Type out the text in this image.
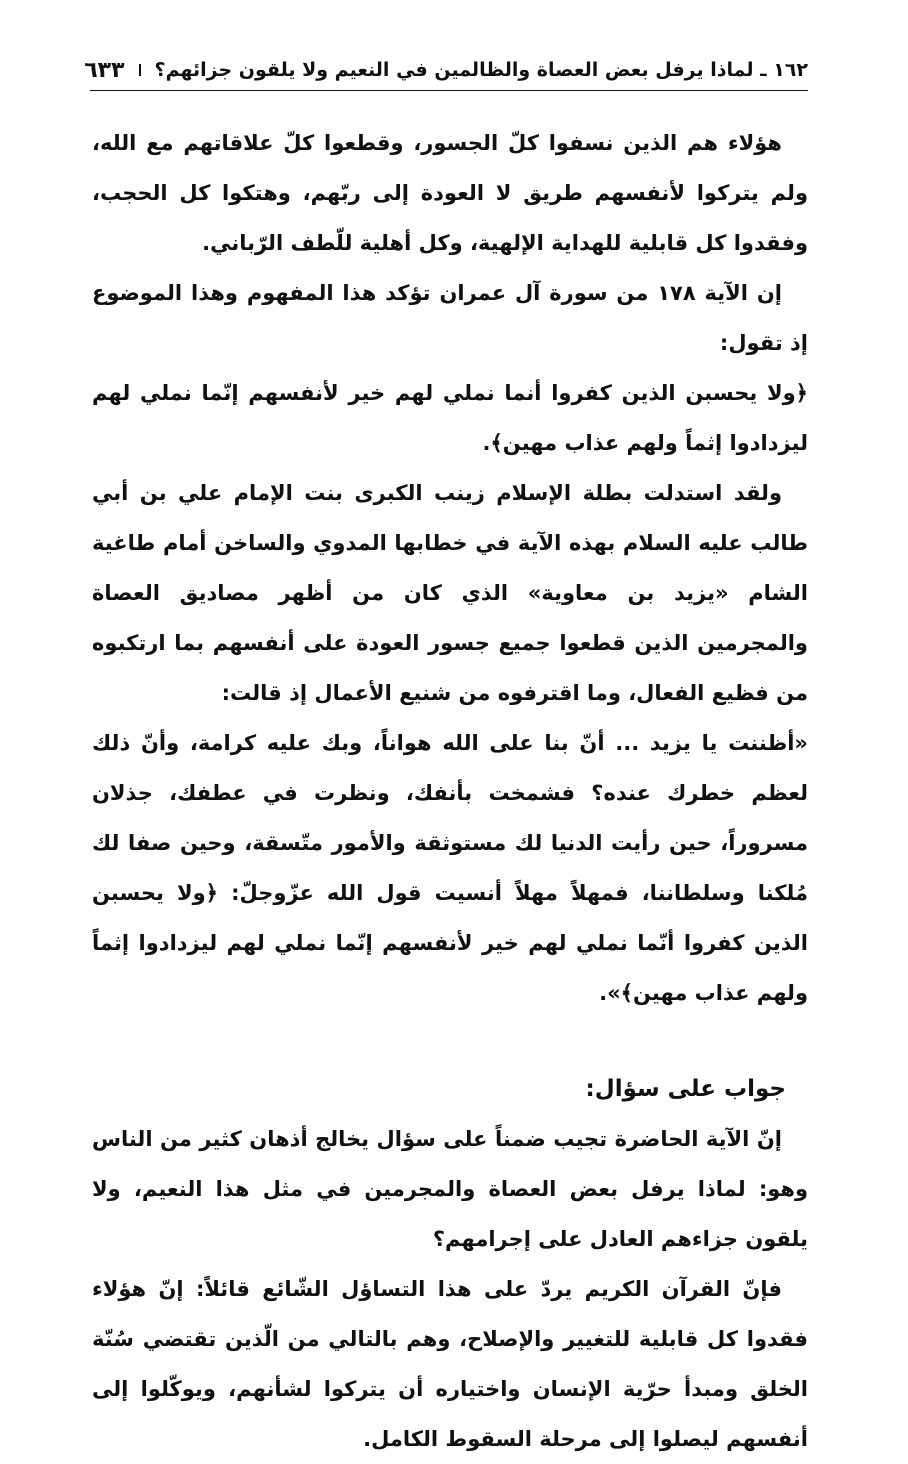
١٦٢ ـ لماذا يرفل بعض العصاة والظالمين في النعيم ولا يلقون جزائهم؟
٦٣٣

هؤلاء هم الذين نسفوا كلّ الجسور، وقطعوا كلّ علاقاتهم مع الله، ولم يتركوا لأنفسهم طريق لا العودة إلى ربّهم، وهتكوا كل الحجب، وفقدوا كل قابلية للهداية الإلهية، وكل أهلية للّطف الرّباني.

إن الآية ١٧٨ من سورة آل عمران تؤكد هذا المفهوم وهذا الموضوع إذ تقول:

﴿ولا يحسبن الذين كفروا أنما نملي لهم خير لأنفسهم إنّما نملي لهم ليزدادوا إثماً ولهم عذاب مهين﴾.

ولقد استدلت بطلة الإسلام زينب الكبرى بنت الإمام علي بن أبي طالب عليه السلام بهذه الآية في خطابها المدوي والساخن أمام طاغية الشام «يزيد بن معاوية» الذي كان من أظهر مصاديق العصاة والمجرمين الذين قطعوا جميع جسور العودة على أنفسهم بما ارتكبوه من فظيع الفعال، وما اقترفوه من شنيع الأعمال إذ قالت:

«أظننت يا يزيد ... أنّ بنا على الله هواناً، وبك عليه كرامة، وأنّ ذلك لعظم خطرك عنده؟ فشمخت بأنفك، ونظرت في عطفك، جذلان مسروراً، حين رأيت الدنيا لك مستوثقة والأمور متّسقة، وحين صفا لك مُلكنا وسلطاننا، فمهلاً مهلاً أنسيت قول الله عزّوجلّ: ﴿ولا يحسبن الذين كفروا أنّما نملي لهم خير لأنفسهم إنّما نملي لهم ليزدادوا إثماً ولهم عذاب مهين﴾».

جواب على سؤال:

إنّ الآية الحاضرة تجيب ضمناً على سؤال يخالج أذهان كثير من الناس وهو: لماذا يرفل بعض العصاة والمجرمين في مثل هذا النعيم، ولا يلقون جزاءهم العادل على إجرامهم؟

فإنّ القرآن الكريم يردّ على هذا التساؤل الشّائع قائلاً: إنّ هؤلاء فقدوا كل قابلية للتغيير والإصلاح، وهم بالتالي من الّذين تقتضي سُنّة الخلق ومبدأ حرّية الإنسان واختياره أن يتركوا لشأنهم، ويوكّلوا إلى أنفسهم ليصلوا إلى مرحلة السقوط الكامل.
